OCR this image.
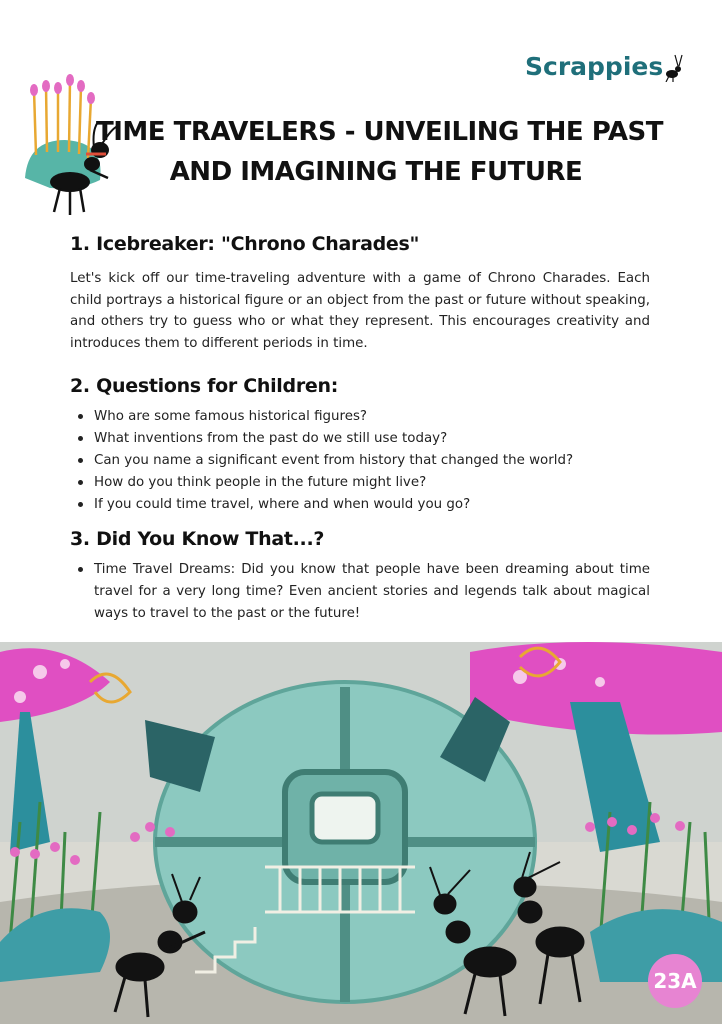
Scrappies
TIME TRAVELERS - UNVEILING THE PAST
AND IMAGINING THE FUTURE
1. Icebreaker: "Chrono Charades"
Let's kick off our time-traveling adventure with a game of Chrono Charades. Each child portrays a historical figure or an object from the past or future without speaking, and others try to guess who or what they represent. This encourages creativity and introduces them to different periods in time.
2. Questions for Children:
Who are some famous historical figures?
What inventions from the past do we still use today?
Can you name a significant event from history that changed the world?
How do you think people in the future might live?
If you could time travel, where and when would you go?
3. Did You Know That...?
Time Travel Dreams: Did you know that people have been dreaming about time travel for a very long time? Even ancient stories and legends talk about magical ways to travel to the past or the future!
23A
